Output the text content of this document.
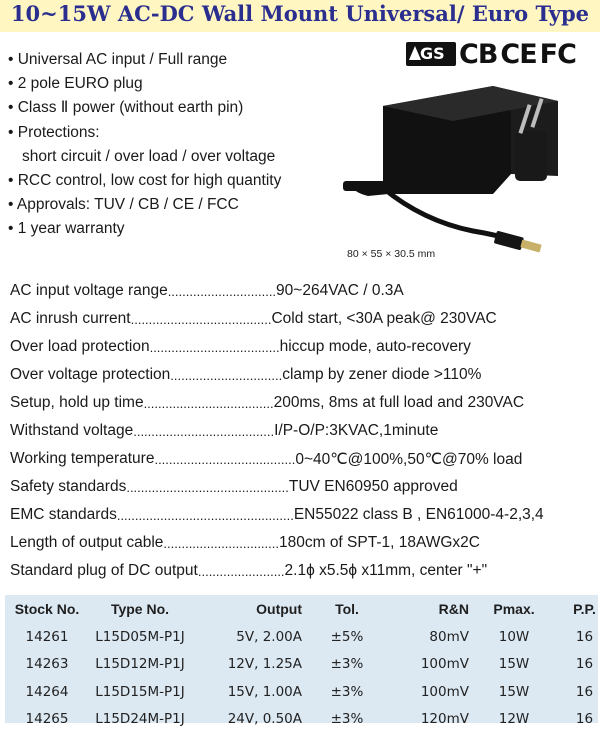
10~15W AC-DC Wall Mount Universal/ Euro Type
• Universal AC input / Full range
• 2 pole EURO plug
• Class Ⅱ power (without earth pin)
• Protections:
short circuit / over load / over voltage
• RCC control, low cost for high quantity
• Approvals: TUV / CB / CE / FCC
• 1 year warranty
GS CB CE FC
80 × 55 × 30.5 mm
AC input voltage range .............................. 90~264VAC / 0.3A
AC inrush current ....................................... Cold start, <30A peak@ 230VAC
Over load protection .................................... hiccup mode, auto-recovery
Over voltage protection ............................... clamp by zener diode >110%
Setup, hold up time .................................... 200ms, 8ms at full load and 230VAC
Withstand voltage ....................................... I/P-O/P:3KVAC,1minute
Working temperature ....................................... 0~40℃@100%,50℃@70% load
Safety standards ............................................. TUV EN60950 approved
EMC standards ................................................. EN55022 class B , EN61000-4-2,3,4
Length of output cable ................................ 180cm of SPT-1, 18AWGx2C
Standard plug of DC output ........................ 2.1ϕ x5.5ϕ x11mm, center "+"
Stock No.	Type No.	Output	Tol.	R&N	Pmax.	P.P.
14261	L15D05M-P1J	5V, 2.00A	±5%	80mV	10W	16
14263	L15D12M-P1J	12V, 1.25A	±3%	100mV	15W	16
14264	L15D15M-P1J	15V, 1.00A	±3%	100mV	15W	16
14265	L15D24M-P1J	24V, 0.50A	±3%	120mV	12W	16
